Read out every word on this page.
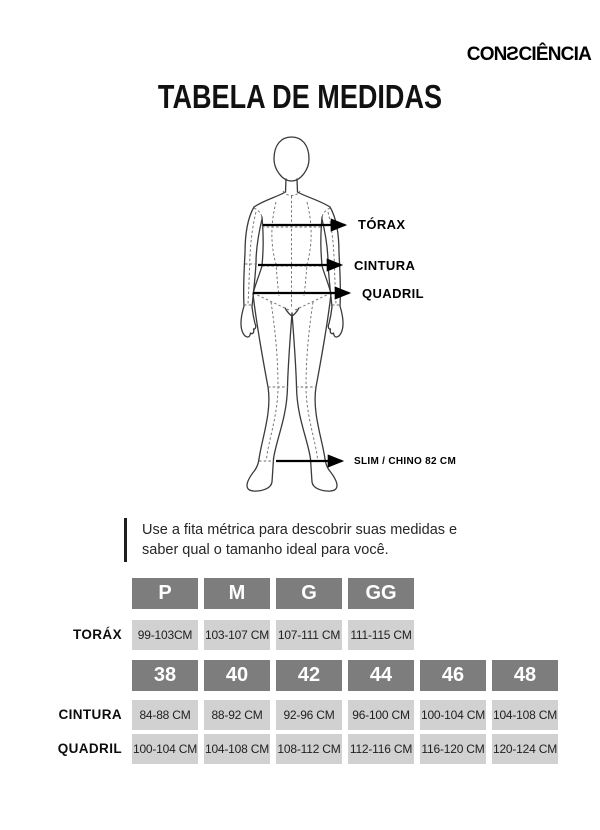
CONSCIÊNCIA
TABELA DE MEDIDAS
TÓRAX
CINTURA
QUADRIL
SLIM / CHINO 82 CM
Use a fita métrica para descobrir suas medidas e
saber qual o tamanho ideal para você.
P	M	G	GG
TORÁX	99-103CM	103-107 CM 107-111 CM 111-115 CM
38	40	42	44	46	48
CINTURA	84-88 CM	88-92 CM	92-96 CM	96-100 CM 100-104 CM 104-108 CM
QUADRIL 100-104 CM 104-108 CM 108-112 CM 112-116 CM 116-120 CM 120-124 CM
